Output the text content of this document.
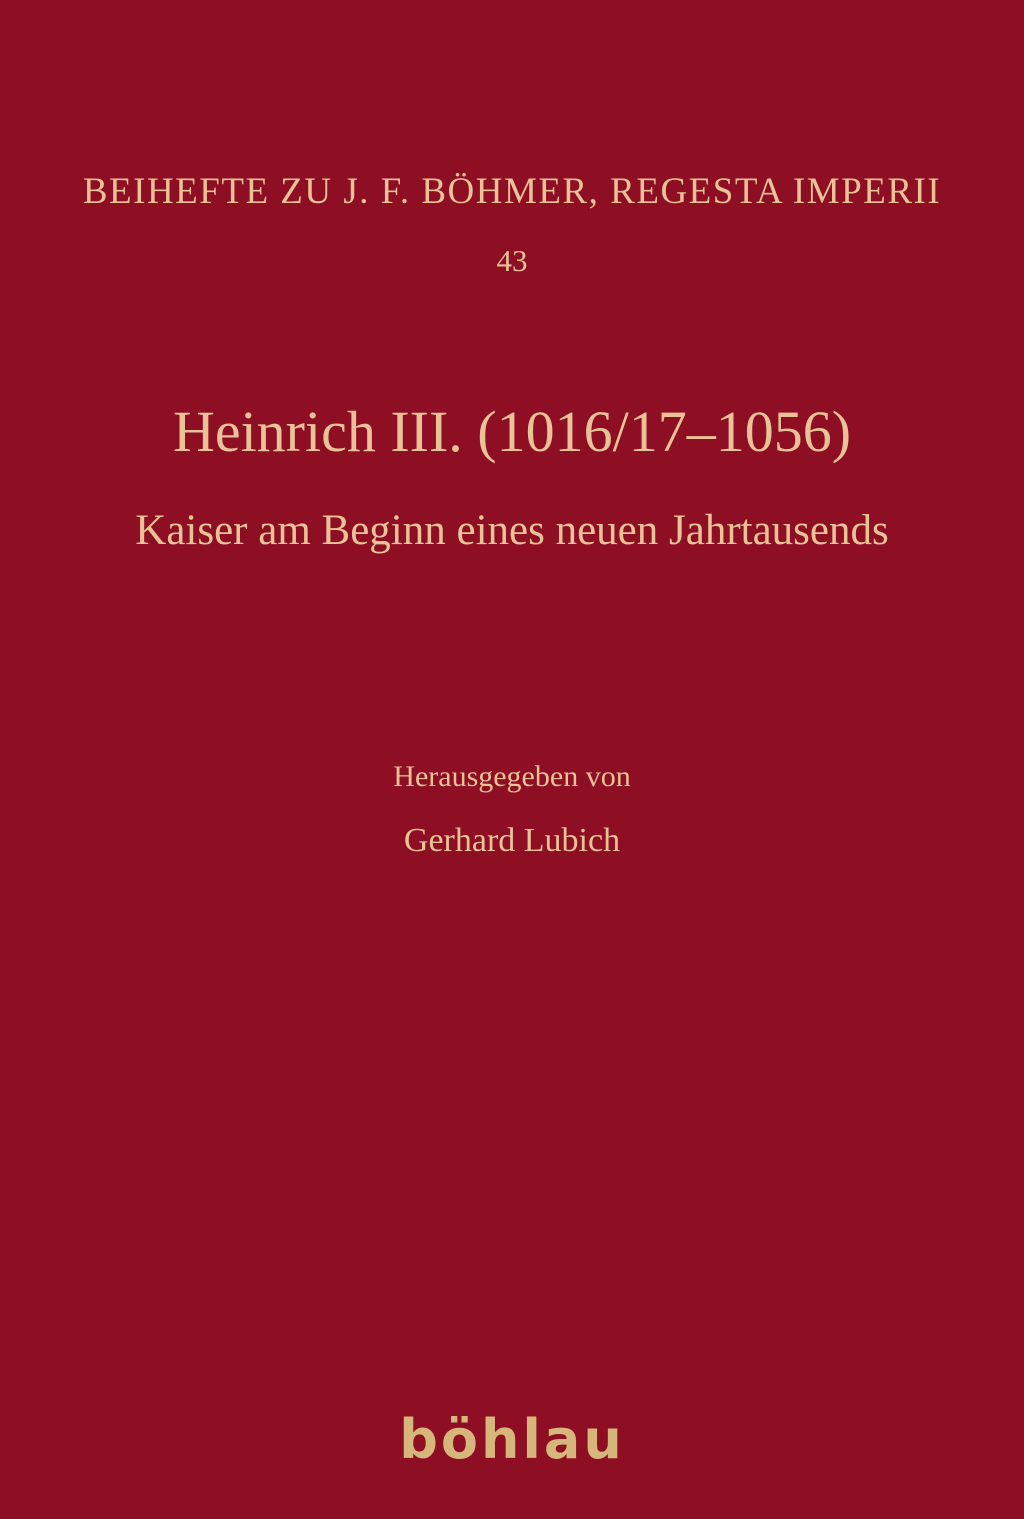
BEIHEFTE ZU J. F. BÖHMER, REGESTA IMPERII
43
Heinrich III. (1016/17–1056)
Kaiser am Beginn eines neuen Jahrtausends
Herausgegeben von
Gerhard Lubich
böhlau
